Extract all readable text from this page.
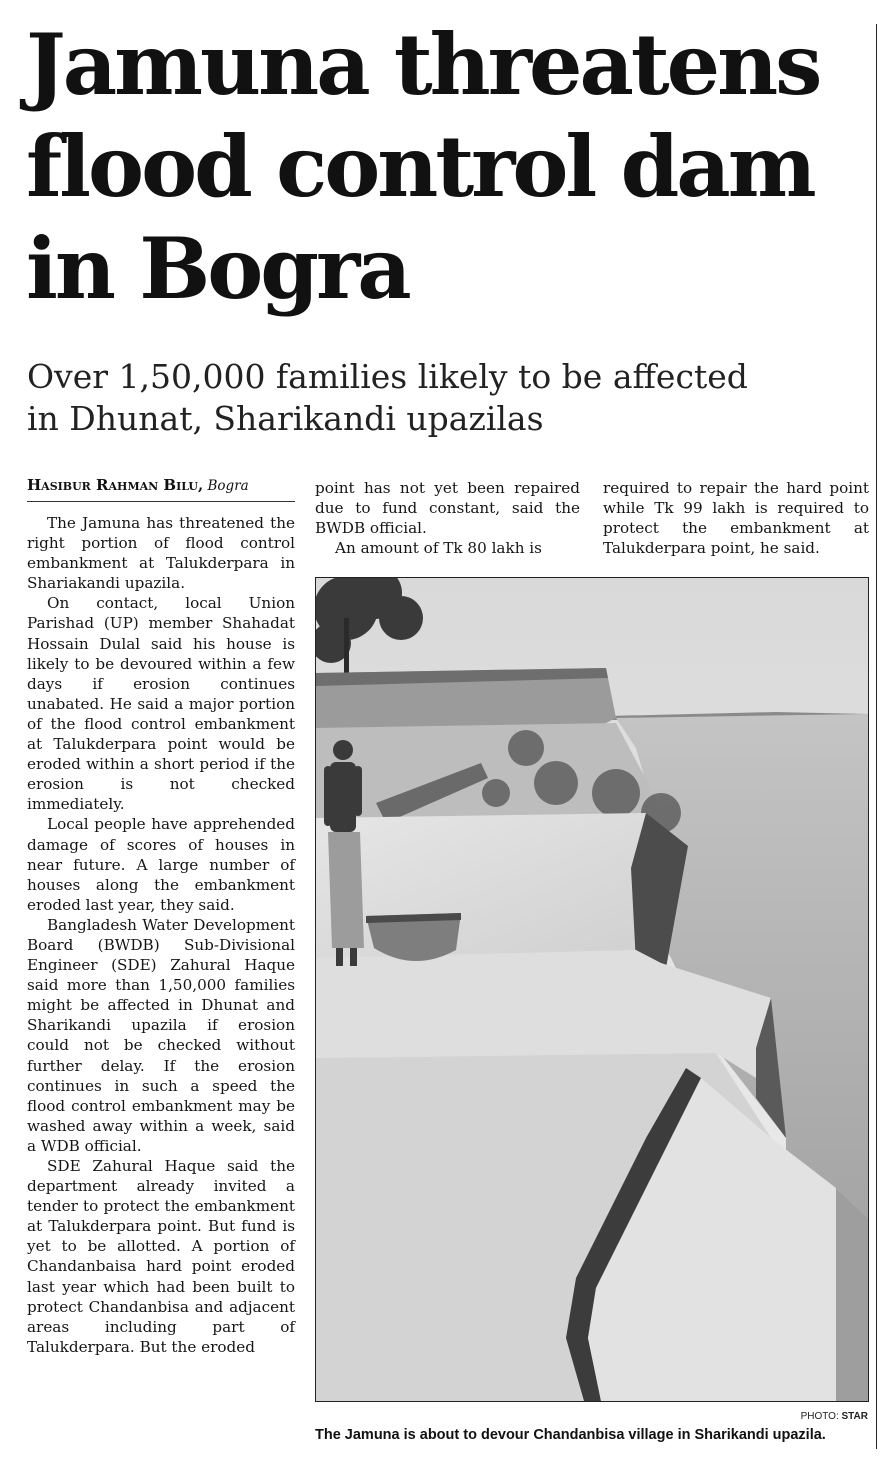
Jamuna threatens
flood control dam
in Bogra
Over 1,50,000 families likely to be affected
in Dhunat, Sharikandi upazilas
Hasibur Rahman Bilu, Bogra

The Jamuna has threatened the right portion of flood control embankment at Talukderpara in Shariakandi upazila.

On contact, local Union Parishad (UP) member Shahadat Hossain Dulal said his house is likely to be devoured within a few days if erosion continues unabated. He said a major portion of the flood control embankment at Talukderpara point would be eroded within a short period if the erosion is not checked immediately.

Local people have apprehended damage of scores of houses in near future. A large number of houses along the embankment eroded last year, they said.

Bangladesh Water Development Board (BWDB) Sub-Divisional Engineer (SDE) Zahural Haque said more than 1,50,000 families might be affected in Dhunat and Sharikandi upazila if erosion could not be checked without further delay. If the erosion continues in such a speed the flood control embankment may be washed away within a week, said a WDB official.

SDE Zahural Haque said the department already invited a tender to protect the embankment at Talukderpara point. But fund is yet to be allotted. A portion of Chandanbaisa hard point eroded last year which had been built to protect Chandanbisa and adjacent areas including part of Talukderpara. But the eroded

point has not yet been repaired due to fund constant, said the BWDB official.

An amount of Tk 80 lakh is

required to repair the hard point while Tk 99 lakh is required to protect the embankment at Talukderpara point, he said.

PHOTO: STAR
The Jamuna is about to devour Chandanbisa village in Sharikandi upazila.
